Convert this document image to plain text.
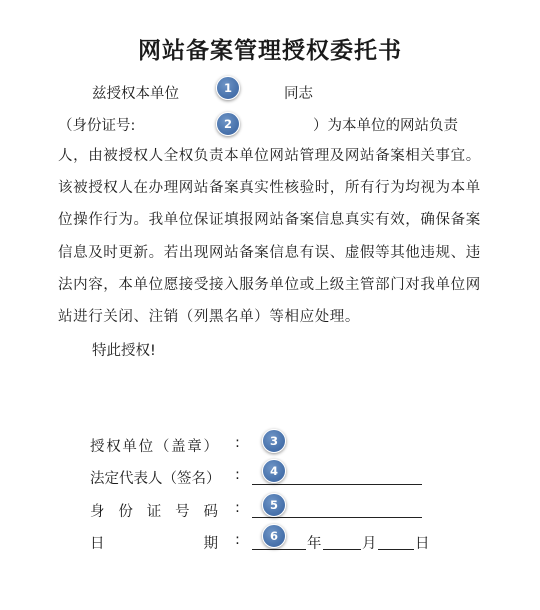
网站备案管理授权委托书
兹授权本单位	1	同志
（身份证号:	2	）为本单位的网站负责
人，由被授权人全权负责本单位网站管理及网站备案相关事宜。该被授权人在办理网站备案真实性核验时，所有行为均视为本单位操作行为。我单位保证填报网站备案信息真实有效，确保备案信息及时更新。若出现网站备案信息有误、虚假等其他违规、违法内容，本单位愿接受接入服务单位或上级主管部门对我单位网站进行关闭、注销（列黑名单）等相应处理。
特此授权!
授权单位（盖章） :	3
法定代表人（签名） :	4
身份证号码 :	5
日期 :	6	年	月	日
